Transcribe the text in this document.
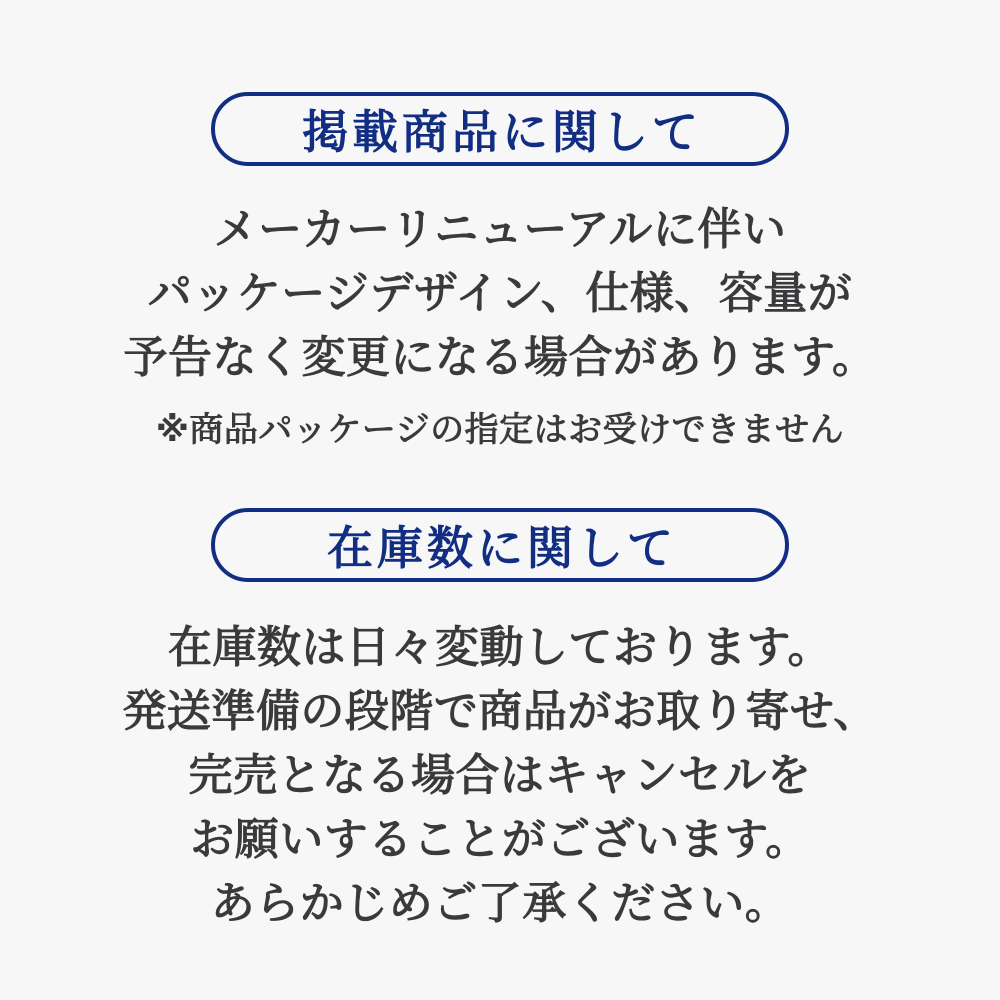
掲載商品に関して

メーカーリニューアルに伴い
パッケージデザイン、仕様、容量が
予告なく変更になる場合があります。

※商品パッケージの指定はお受けできません

在庫数に関して

在庫数は日々変動しております。
発送準備の段階で商品がお取り寄せ、
完売となる場合はキャンセルを
お願いすることがございます。
あらかじめご了承ください。
